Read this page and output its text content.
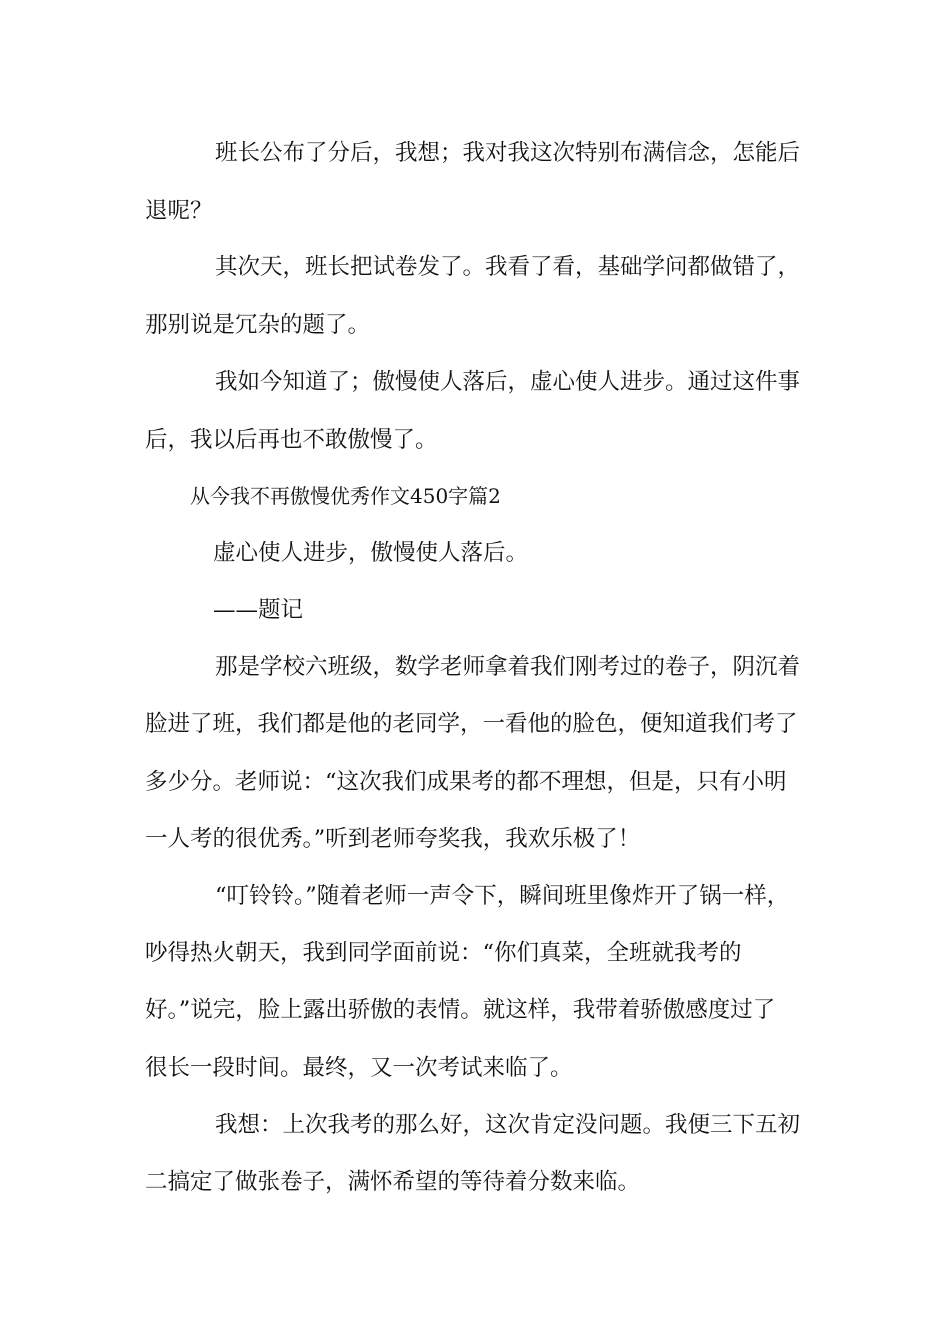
班长公布了分后，我想；我对我这次特别布满信念，怎能后
退呢？
其次天，班长把试卷发了。我看了看，基础学问都做错了，
那别说是冗杂的题了。
我如今知道了；傲慢使人落后，虚心使人进步。通过这件事
后，我以后再也不敢傲慢了。
从今我不再傲慢优秀作文450字篇2
虚心使人进步，傲慢使人落后。
——题记
那是学校六班级，数学老师拿着我们刚考过的卷子，阴沉着
脸进了班，我们都是他的老同学，一看他的脸色，便知道我们考了
多少分。老师说：“这次我们成果考的都不理想，但是，只有小明
一人考的很优秀。”听到老师夸奖我，我欢乐极了！
“叮铃铃。”随着老师一声令下，瞬间班里像炸开了锅一样，
吵得热火朝天，我到同学面前说：“你们真菜，全班就我考的
好。”说完，脸上露出骄傲的表情。就这样，我带着骄傲感度过了
很长一段时间。最终，又一次考试来临了。
我想：上次我考的那么好，这次肯定没问题。我便三下五初
二搞定了做张卷子，满怀希望的等待着分数来临。
